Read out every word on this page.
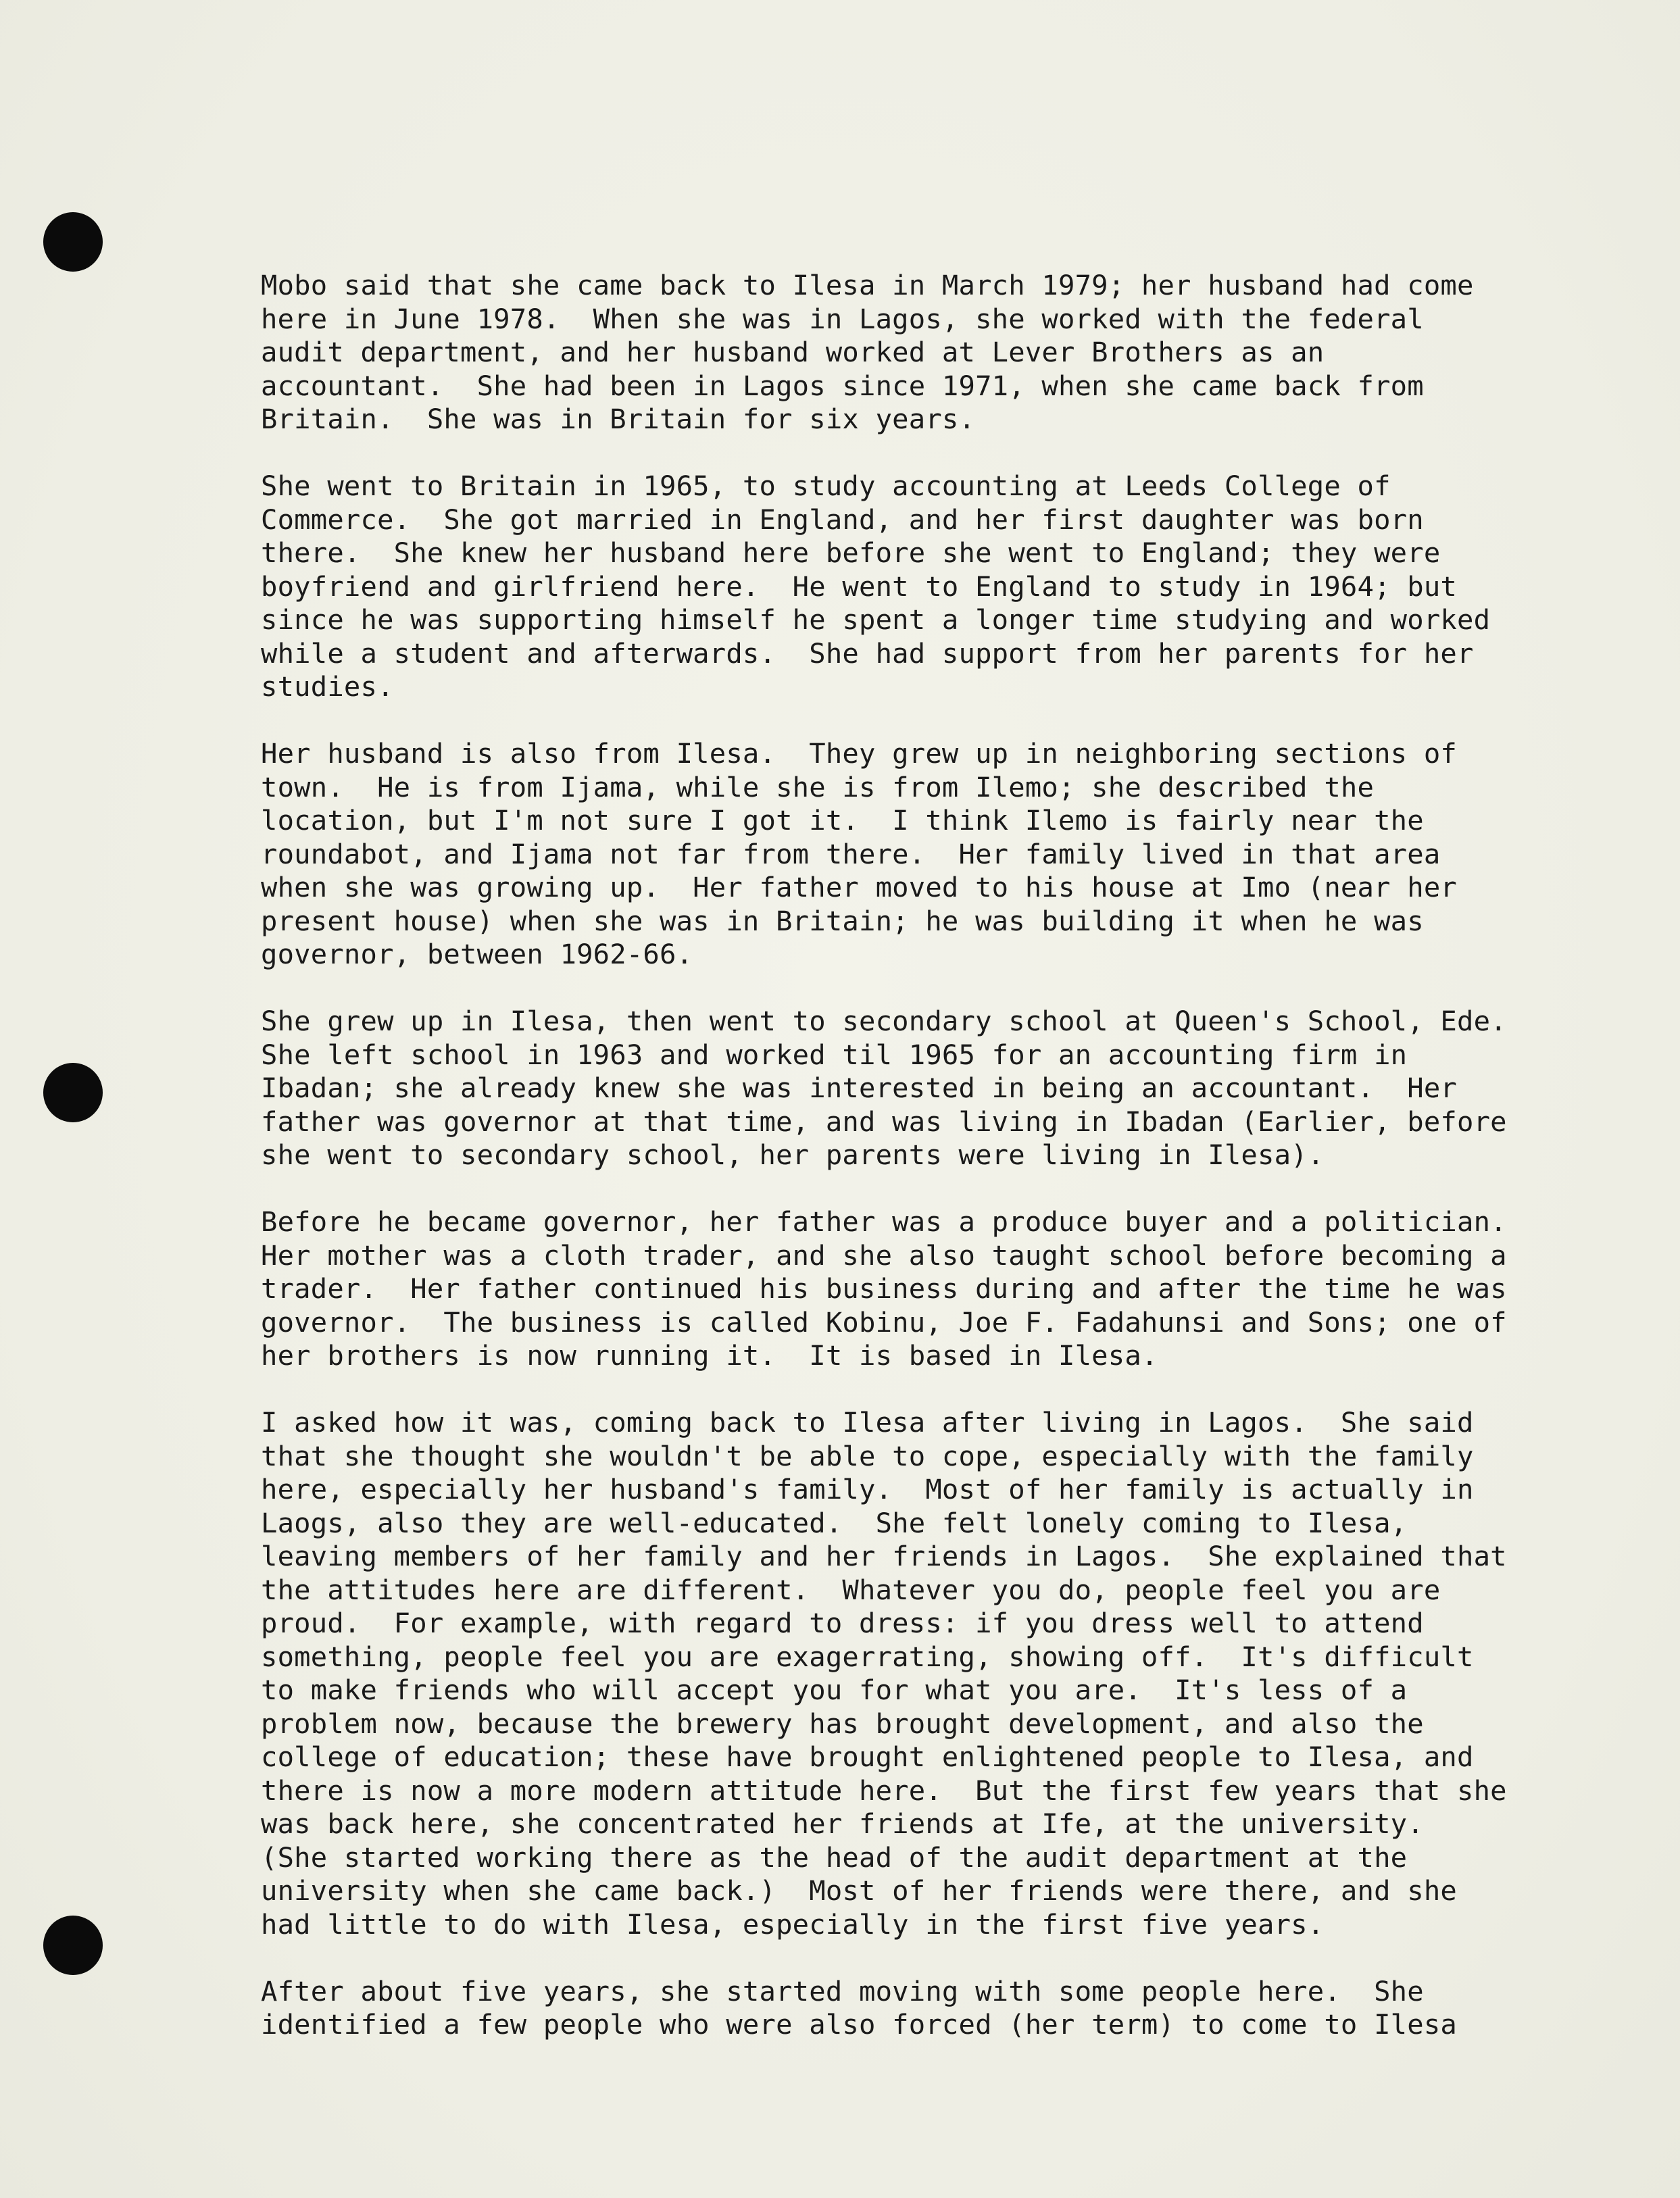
Mobo said that she came back to Ilesa in March 1979; her husband had come
here in June 1978.  When she was in Lagos, she worked with the federal
audit department, and her husband worked at Lever Brothers as an
accountant.  She had been in Lagos since 1971, when she came back from
Britain.  She was in Britain for six years.

She went to Britain in 1965, to study accounting at Leeds College of
Commerce.  She got married in England, and her first daughter was born
there.  She knew her husband here before she went to England; they were
boyfriend and girlfriend here.  He went to England to study in 1964; but
since he was supporting himself he spent a longer time studying and worked
while a student and afterwards.  She had support from her parents for her
studies.

Her husband is also from Ilesa.  They grew up in neighboring sections of
town.  He is from Ijama, while she is from Ilemo; she described the
location, but I'm not sure I got it.  I think Ilemo is fairly near the
roundabot, and Ijama not far from there.  Her family lived in that area
when she was growing up.  Her father moved to his house at Imo (near her
present house) when she was in Britain; he was building it when he was
governor, between 1962-66.

She grew up in Ilesa, then went to secondary school at Queen's School, Ede.
She left school in 1963 and worked til 1965 for an accounting firm in
Ibadan; she already knew she was interested in being an accountant.  Her
father was governor at that time, and was living in Ibadan (Earlier, before
she went to secondary school, her parents were living in Ilesa).

Before he became governor, her father was a produce buyer and a politician.
Her mother was a cloth trader, and she also taught school before becoming a
trader.  Her father continued his business during and after the time he was
governor.  The business is called Kobinu, Joe F. Fadahunsi and Sons; one of
her brothers is now running it.  It is based in Ilesa.

I asked how it was, coming back to Ilesa after living in Lagos.  She said
that she thought she wouldn't be able to cope, especially with the family
here, especially her husband's family.  Most of her family is actually in
Laogs, also they are well-educated.  She felt lonely coming to Ilesa,
leaving members of her family and her friends in Lagos.  She explained that
the attitudes here are different.  Whatever you do, people feel you are
proud.  For example, with regard to dress: if you dress well to attend
something, people feel you are exagerrating, showing off.  It's difficult
to make friends who will accept you for what you are.  It's less of a
problem now, because the brewery has brought development, and also the
college of education; these have brought enlightened people to Ilesa, and
there is now a more modern attitude here.  But the first few years that she
was back here, she concentrated her friends at Ife, at the university.
(She started working there as the head of the audit department at the
university when she came back.)  Most of her friends were there, and she
had little to do with Ilesa, especially in the first five years.

After about five years, she started moving with some people here.  She
identified a few people who were also forced (her term) to come to Ilesa
